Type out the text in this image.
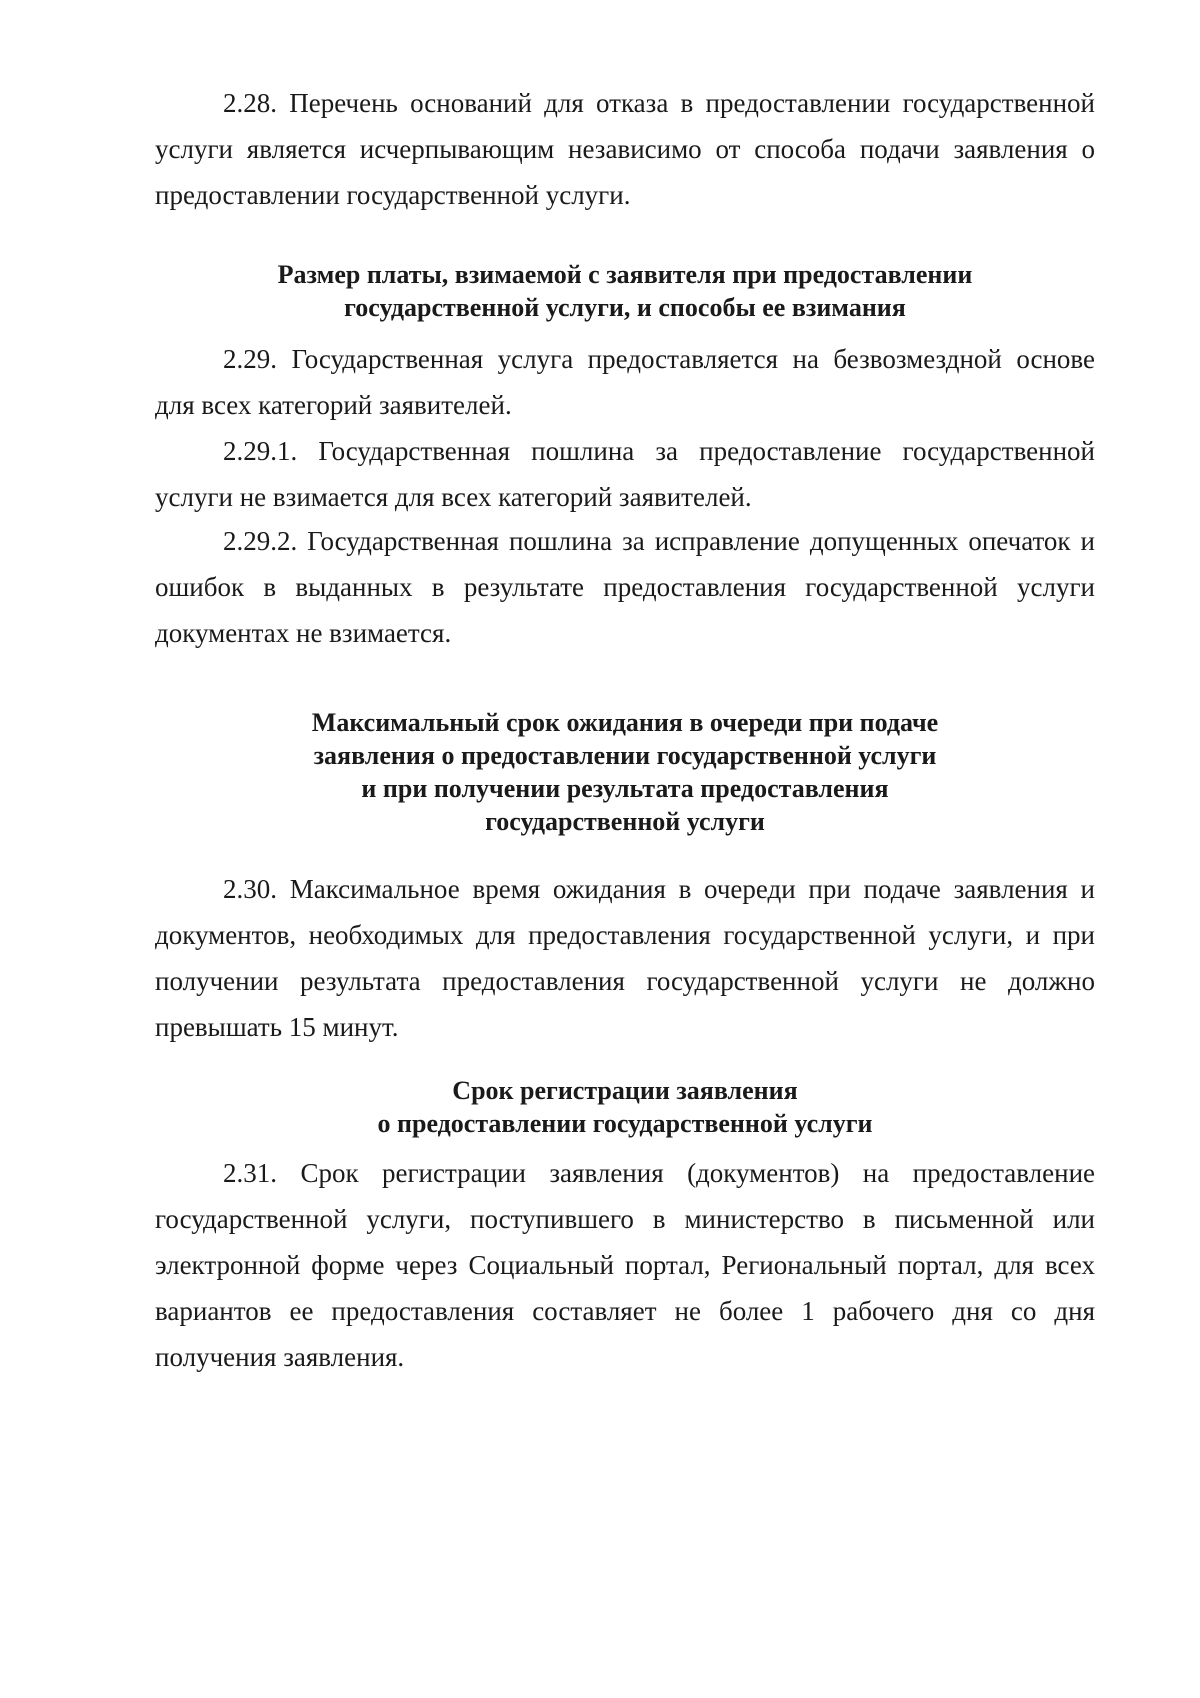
2.28. Перечень оснований для отказа в предоставлении государственной услуги является исчерпывающим независимо от способа подачи заявления о предоставлении государственной услуги.

Размер платы, взимаемой с заявителя при предоставлении
государственной услуги, и способы ее взимания

2.29. Государственная услуга предоставляется на безвозмездной основе для всех категорий заявителей.

2.29.1. Государственная пошлина за предоставление государственной услуги не взимается для всех категорий заявителей.

2.29.2. Государственная пошлина за исправление допущенных опечаток и ошибок в выданных в результате предоставления государственной услуги документах не взимается.

Максимальный срок ожидания в очереди при подаче
заявления о предоставлении государственной услуги
и при получении результата предоставления
государственной услуги

2.30. Максимальное время ожидания в очереди при подаче заявления и документов, необходимых для предоставления государственной услуги, и при получении результата предоставления государственной услуги не должно превышать 15 минут.

Срок регистрации заявления
о предоставлении государственной услуги

2.31. Срок регистрации заявления (документов) на предоставление государственной услуги, поступившего в министерство в письменной или электронной форме через Социальный портал, Региональный портал, для всех вариантов ее предоставления составляет не более 1 рабочего дня со дня получения заявления.
